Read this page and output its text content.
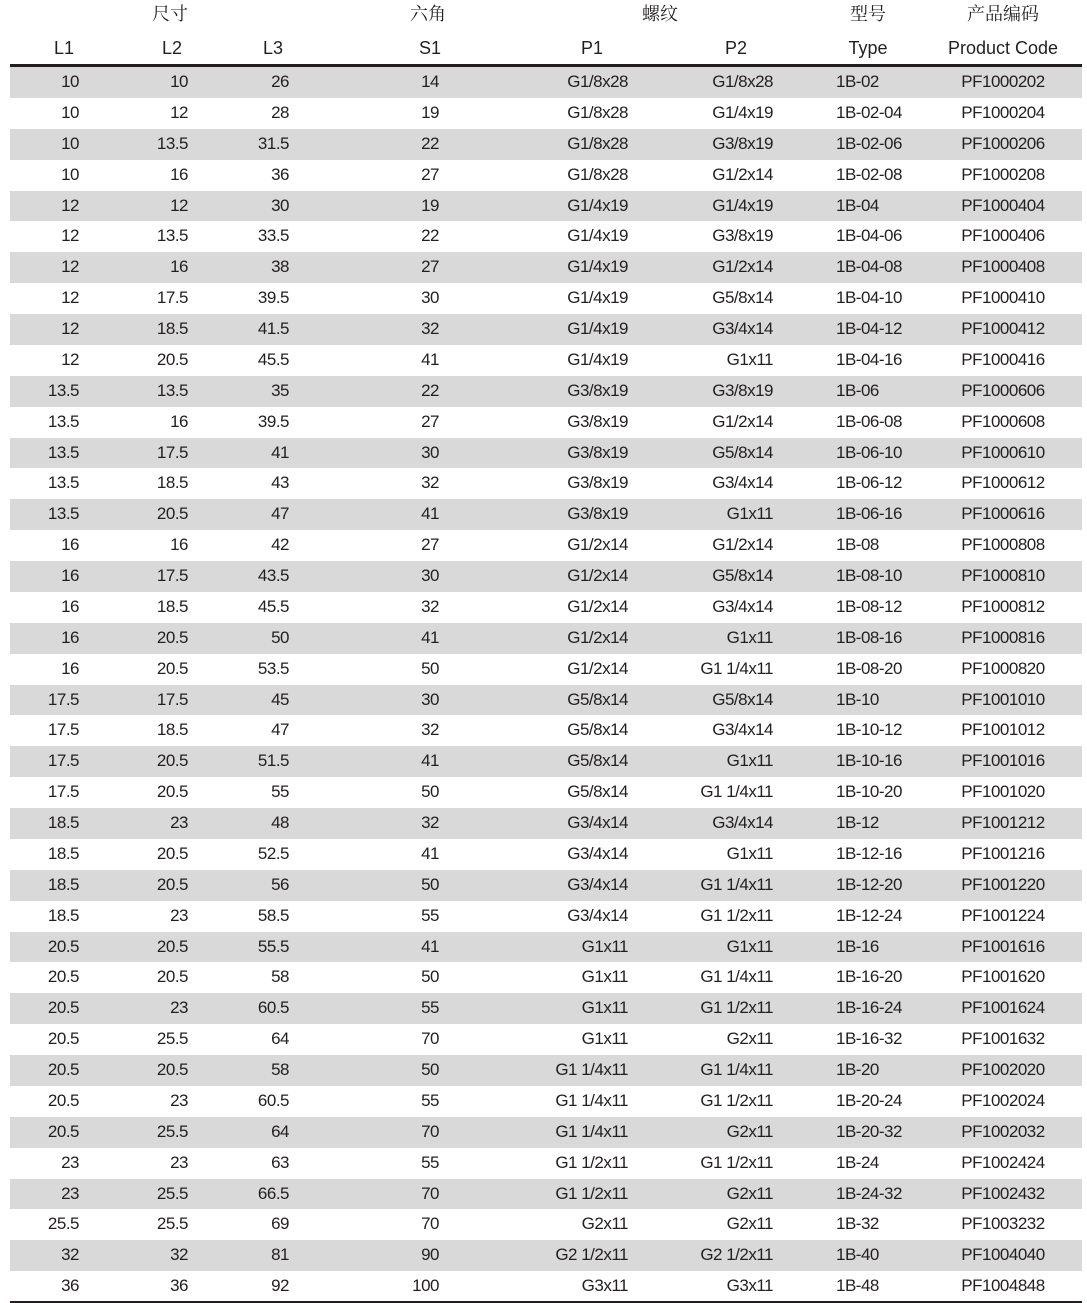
尺寸	六角	螺纹	型号	产品编码
L1	L2	L3	S1	P1	P2	Type	Product Code
10	10	26	14	G1/8x28	G1/8x28	1B-02	PF1000202
10	12	28	19	G1/8x28	G1/4x19	1B-02-04	PF1000204
10	13.5	31.5	22	G1/8x28	G3/8x19	1B-02-06	PF1000206
10	16	36	27	G1/8x28	G1/2x14	1B-02-08	PF1000208
12	12	30	19	G1/4x19	G1/4x19	1B-04	PF1000404
12	13.5	33.5	22	G1/4x19	G3/8x19	1B-04-06	PF1000406
12	16	38	27	G1/4x19	G1/2x14	1B-04-08	PF1000408
12	17.5	39.5	30	G1/4x19	G5/8x14	1B-04-10	PF1000410
12	18.5	41.5	32	G1/4x19	G3/4x14	1B-04-12	PF1000412
12	20.5	45.5	41	G1/4x19	G1x11	1B-04-16	PF1000416
13.5	13.5	35	22	G3/8x19	G3/8x19	1B-06	PF1000606
13.5	16	39.5	27	G3/8x19	G1/2x14	1B-06-08	PF1000608
13.5	17.5	41	30	G3/8x19	G5/8x14	1B-06-10	PF1000610
13.5	18.5	43	32	G3/8x19	G3/4x14	1B-06-12	PF1000612
13.5	20.5	47	41	G3/8x19	G1x11	1B-06-16	PF1000616
16	16	42	27	G1/2x14	G1/2x14	1B-08	PF1000808
16	17.5	43.5	30	G1/2x14	G5/8x14	1B-08-10	PF1000810
16	18.5	45.5	32	G1/2x14	G3/4x14	1B-08-12	PF1000812
16	20.5	50	41	G1/2x14	G1x11	1B-08-16	PF1000816
16	20.5	53.5	50	G1/2x14	G1 1/4x11	1B-08-20	PF1000820
17.5	17.5	45	30	G5/8x14	G5/8x14	1B-10	PF1001010
17.5	18.5	47	32	G5/8x14	G3/4x14	1B-10-12	PF1001012
17.5	20.5	51.5	41	G5/8x14	G1x11	1B-10-16	PF1001016
17.5	20.5	55	50	G5/8x14	G1 1/4x11	1B-10-20	PF1001020
18.5	23	48	32	G3/4x14	G3/4x14	1B-12	PF1001212
18.5	20.5	52.5	41	G3/4x14	G1x11	1B-12-16	PF1001216
18.5	20.5	56	50	G3/4x14	G1 1/4x11	1B-12-20	PF1001220
18.5	23	58.5	55	G3/4x14	G1 1/2x11	1B-12-24	PF1001224
20.5	20.5	55.5	41	G1x11	G1x11	1B-16	PF1001616
20.5	20.5	58	50	G1x11	G1 1/4x11	1B-16-20	PF1001620
20.5	23	60.5	55	G1x11	G1 1/2x11	1B-16-24	PF1001624
20.5	25.5	64	70	G1x11	G2x11	1B-16-32	PF1001632
20.5	20.5	58	50	G1 1/4x11	G1 1/4x11	1B-20	PF1002020
20.5	23	60.5	55	G1 1/4x11	G1 1/2x11	1B-20-24	PF1002024
20.5	25.5	64	70	G1 1/4x11	G2x11	1B-20-32	PF1002032
23	23	63	55	G1 1/2x11	G1 1/2x11	1B-24	PF1002424
23	25.5	66.5	70	G1 1/2x11	G2x11	1B-24-32	PF1002432
25.5	25.5	69	70	G2x11	G2x11	1B-32	PF1003232
32	32	81	90	G2 1/2x11	G2 1/2x11	1B-40	PF1004040
36	36	92	100	G3x11	G3x11	1B-48	PF1004848
